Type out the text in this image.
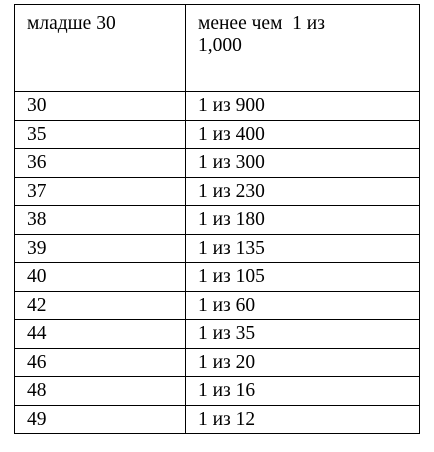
младше 30	менее чем  1 из
1,000

30	1 из 900
35	1 из 400
36	1 из 300
37	1 из 230
38	1 из 180
39	1 из 135
40	1 из 105
42	1 из 60
44	1 из 35
46	1 из 20
48	1 из 16
49	1 из 12
